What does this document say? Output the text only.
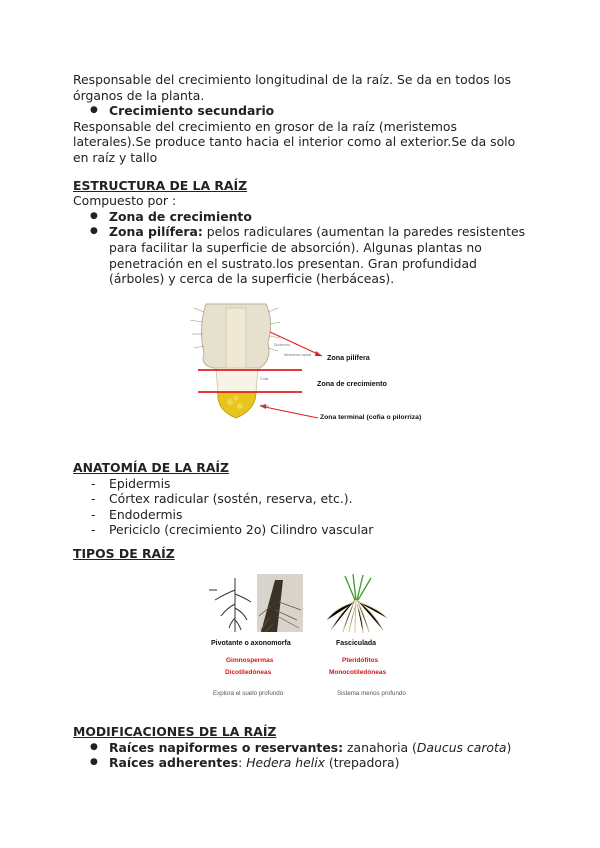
Responsable del crecimiento longitudinal de la raíz. Se da en todos los órganos de la planta.

● Crecimiento secundario

Responsable del crecimiento en grosor de la raíz (meristemos laterales).Se produce tanto hacia el interior como al exterior.Se da solo en raíz y tallo

ESTRUCTURA DE LA RAÍZ

Compuesto por :

● Zona de crecimiento

● Zona pilífera: pelos radiculares (aumentan la paredes resistentes para facilitar la superficie de absorción). Algunas plantas no penetración en el sustrato.los presentan. Gran profundidad (árboles) y cerca de la superficie (herbáceas).

Epidermis
Meristemo apical
Cofia
Pelos
Zona pilífera
Zona de crecimiento
Zona terminal (cofia o pilorriza)

ANATOMÍA DE LA RAÍZ

- Epidermis

- Córtex radicular (sostén, reserva, etc.).

- Endodermis

- Periciclo (crecimiento 2o) Cilindro vascular

TIPOS DE RAÍZ

Pivotante o axonomorfa	Fasciculada
Gimnospermas
Dicotiledóneas
Pteridófitos
Monocotiledóneas
Explora el suelo profundo	Sistema menos profundo

MODIFICACIONES DE LA RAÍZ

● Raíces napiformes o reservantes: zanahoria (Daucus carota)

● Raíces adherentes: Hedera helix (trepadora)
